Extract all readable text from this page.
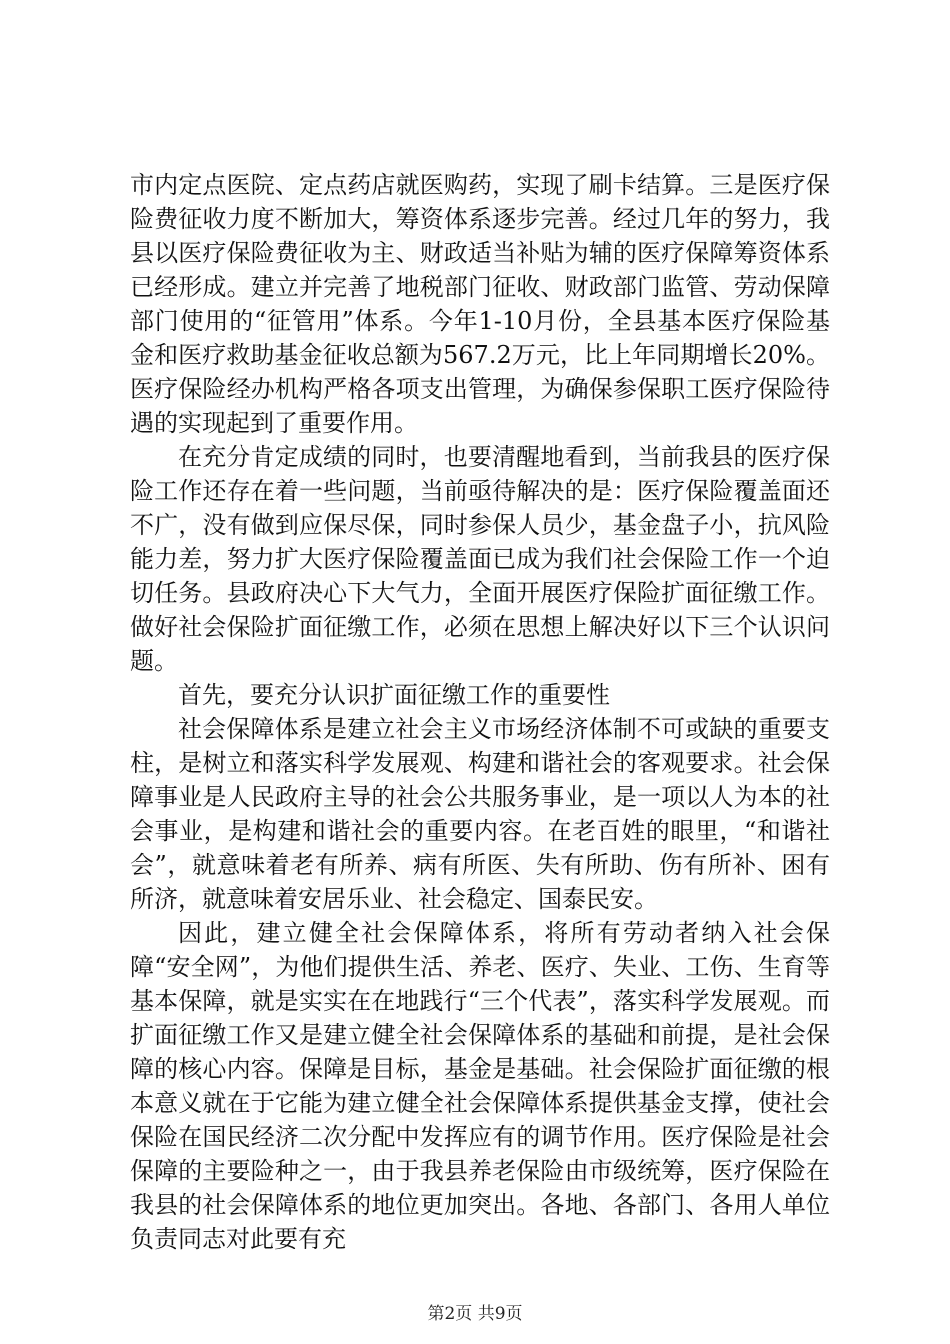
市内定点医院、定点药店就医购药，实现了刷卡结算。三是医疗保险费征收力度不断加大，筹资体系逐步完善。经过几年的努力，我县以医疗保险费征收为主、财政适当补贴为辅的医疗保障筹资体系已经形成。建立并完善了地税部门征收、财政部门监管、劳动保障部门使用的“征管用”体系。今年1-10月份，全县基本医疗保险基金和医疗救助基金征收总额为567.2万元，比上年同期增长20%。医疗保险经办机构严格各项支出管理，为确保参保职工医疗保险待遇的实现起到了重要作用。

在充分肯定成绩的同时，也要清醒地看到，当前我县的医疗保险工作还存在着一些问题，当前亟待解决的是：医疗保险覆盖面还不广，没有做到应保尽保，同时参保人员少，基金盘子小，抗风险能力差，努力扩大医疗保险覆盖面已成为我们社会保险工作一个迫切任务。县政府决心下大气力，全面开展医疗保险扩面征缴工作。做好社会保险扩面征缴工作，必须在思想上解决好以下三个认识问题。

首先，要充分认识扩面征缴工作的重要性

社会保障体系是建立社会主义市场经济体制不可或缺的重要支柱，是树立和落实科学发展观、构建和谐社会的客观要求。社会保障事业是人民政府主导的社会公共服务事业，是一项以人为本的社会事业，是构建和谐社会的重要内容。在老百姓的眼里，“和谐社会”，就意味着老有所养、病有所医、失有所助、伤有所补、困有所济，就意味着安居乐业、社会稳定、国泰民安。

因此，建立健全社会保障体系，将所有劳动者纳入社会保障“安全网”，为他们提供生活、养老、医疗、失业、工伤、生育等基本保障，就是实实在在地践行“三个代表”，落实科学发展观。而扩面征缴工作又是建立健全社会保障体系的基础和前提，是社会保障的核心内容。保障是目标，基金是基础。社会保险扩面征缴的根本意义就在于它能为建立健全社会保障体系提供基金支撑，使社会保险在国民经济二次分配中发挥应有的调节作用。医疗保险是社会保障的主要险种之一，由于我县养老保险由市级统筹，医疗保险在我县的社会保障体系的地位更加突出。各地、各部门、各用人单位负责同志对此要有充

第2页 共9页
